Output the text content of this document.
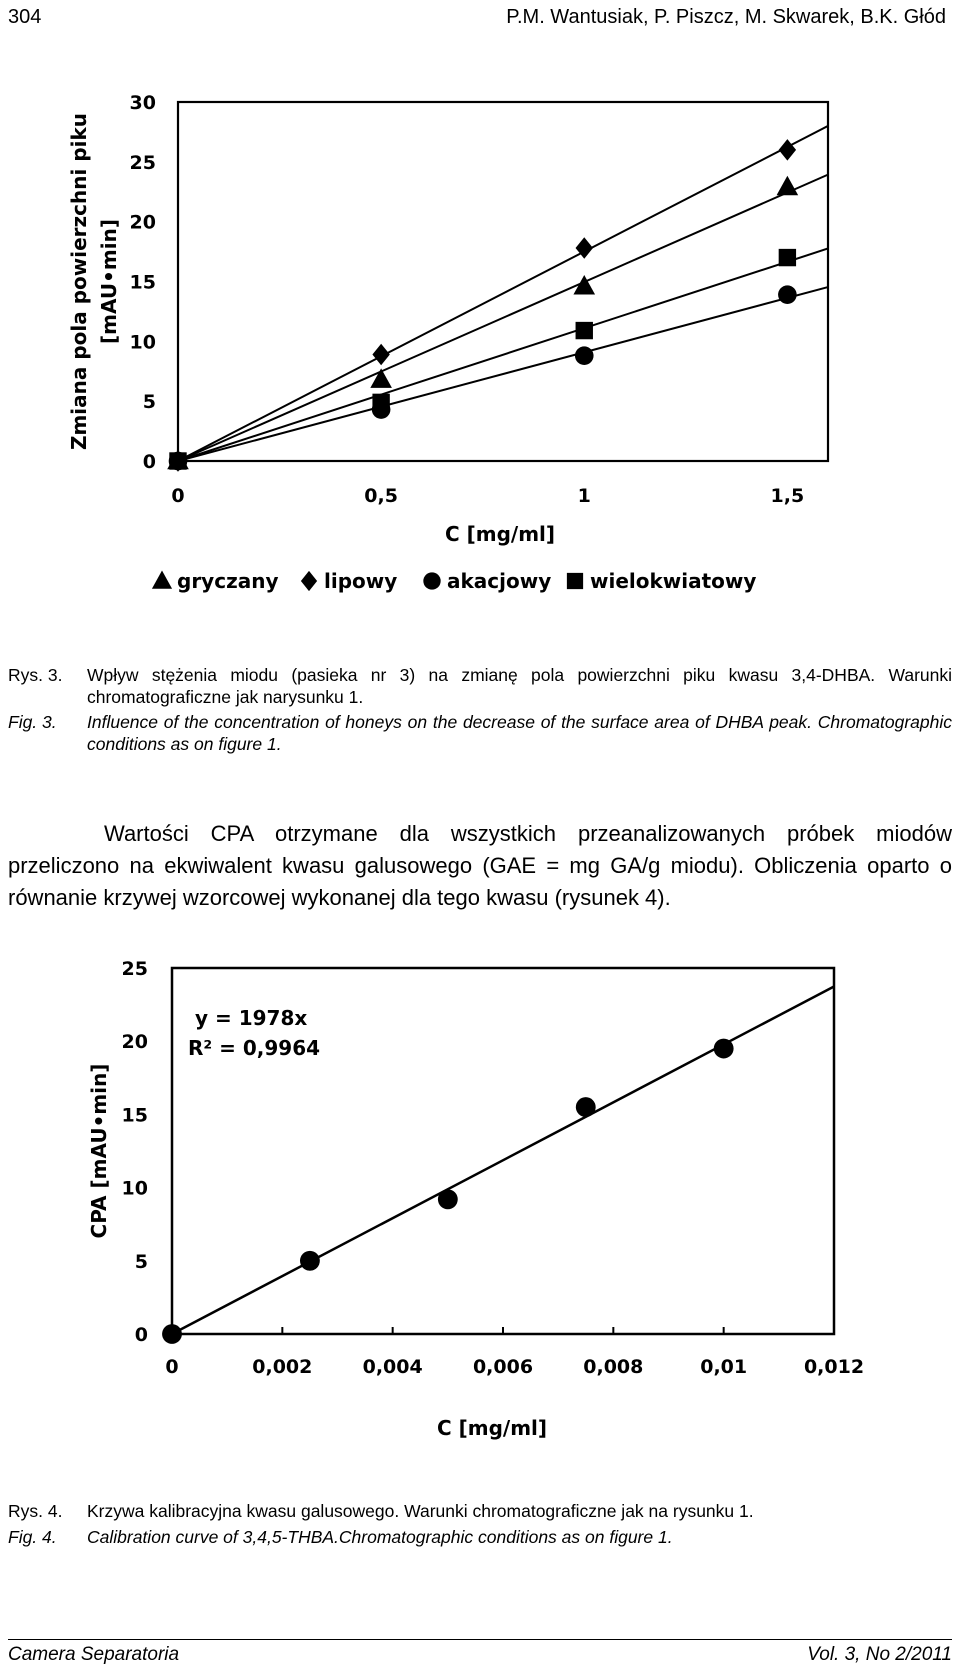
304	P.M. Wantusiak, P. Piszcz, M. Skwarek, B.K. Głód
0
5
10
15
20
25
30
0	0,5	1	1,5
C [mg/ml]
Zmiana pola powierzchni piku [mAU•min]
gryczany lipowy akacjowy wielokwiatowy
Rys. 3. Wpływ stężenia miodu (pasieka nr 3) na zmianę pola powierzchni piku kwasu 3,4-DHBA. Warunki chromatograficzne jak narysunku 1.
Fig. 3. Influence of the concentration of honeys on the decrease of the surface area of DHBA peak. Chromatographic conditions as on figure 1.
Wartości CPA otrzymane dla wszystkich przeanalizowanych próbek miodów przeliczono na ekwiwalent kwasu galusowego (GAE = mg GA/g miodu). Obliczenia oparto o równanie krzywej wzorcowej wykonanej dla tego kwasu (rysunek 4).
0	0,002	0,004	0,006	0,008	0,01	0,012
0
5
10
15
20
25
C [mg/ml]
CPA [mAU•min]
y = 1978x
R² = 0,9964
Rys. 4. Krzywa kalibracyjna kwasu galusowego. Warunki chromatograficzne jak na rysunku 1.
Fig. 4. Calibration curve of 3,4,5-THBA.Chromatographic conditions as on figure 1.
Camera Separatoria	Vol. 3, No 2/2011
